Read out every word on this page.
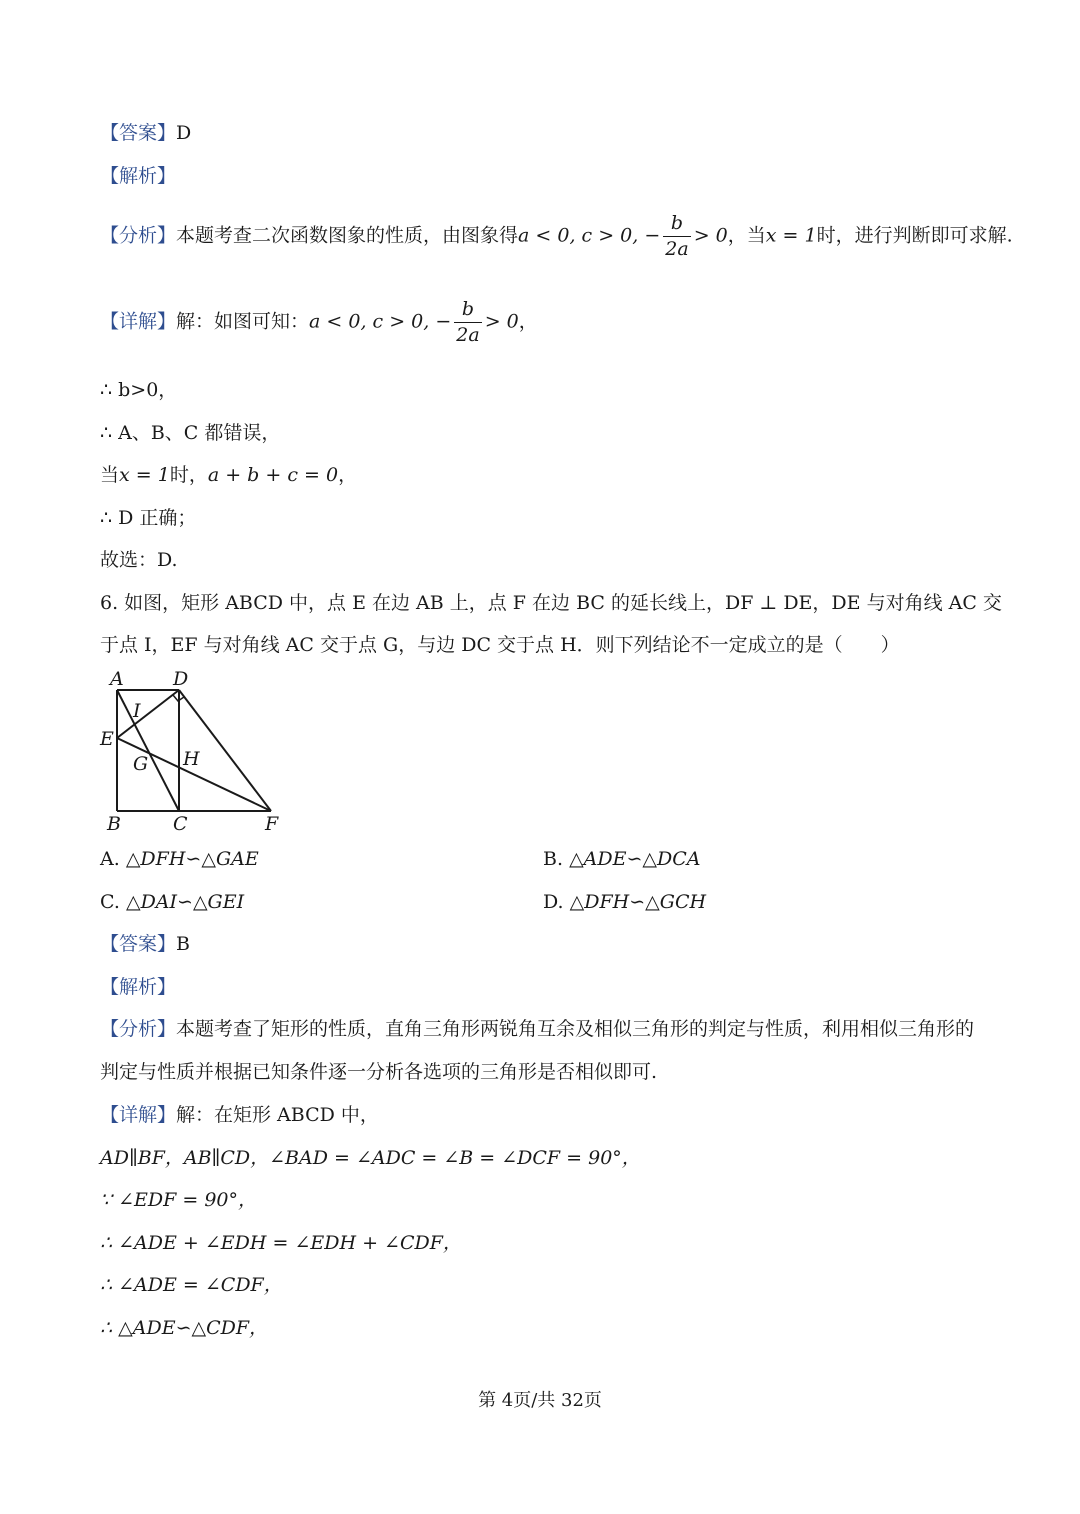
【答案】D
【解析】
【分析】本题考查二次函数图象的性质，由图象得a < 0, c > 0, − $\frac{b}{2a} > 0$，当x = 1时，进行判断即可求解.
【详解】解：如图可知：a < 0, c > 0, − $\frac{b}{2a} > 0$，
∴ b>0，
∴ A、B、C 都错误，
当x = 1时，a + b + c = 0，
∴ D 正确；
故选：D.
6. 如图，矩形 ABCD 中，点 E 在边 AB 上，点 F 在边 BC 的延长线上，DF ⊥ DE，DE 与对角线 AC 交
于点 I，EF 与对角线 AC 交于点 G，与边 DC 交于点 H．则下列结论不一定成立的是（　　）
A	D
I
E
G H
B	C	F
A. △DFH∽△GAE	B. △ADE∽△DCA
C. △DAI∽△GEI	D. △DFH∽△GCH
【答案】B
【解析】
【分析】本题考查了矩形的性质，直角三角形两锐角互余及相似三角形的判定与性质，利用相似三角形的
判定与性质并根据已知条件逐一分析各选项的三角形是否相似即可.
【详解】解：在矩形 ABCD 中，
AD∥BF，AB∥CD，∠BAD = ∠ADC = ∠B = ∠DCF = 90°，
∵ ∠EDF = 90°，
∴ ∠ADE + ∠EDH = ∠EDH + ∠CDF，
∴ ∠ADE = ∠CDF，
∴ △ADE∽△CDF，
第 4页/共 32页
